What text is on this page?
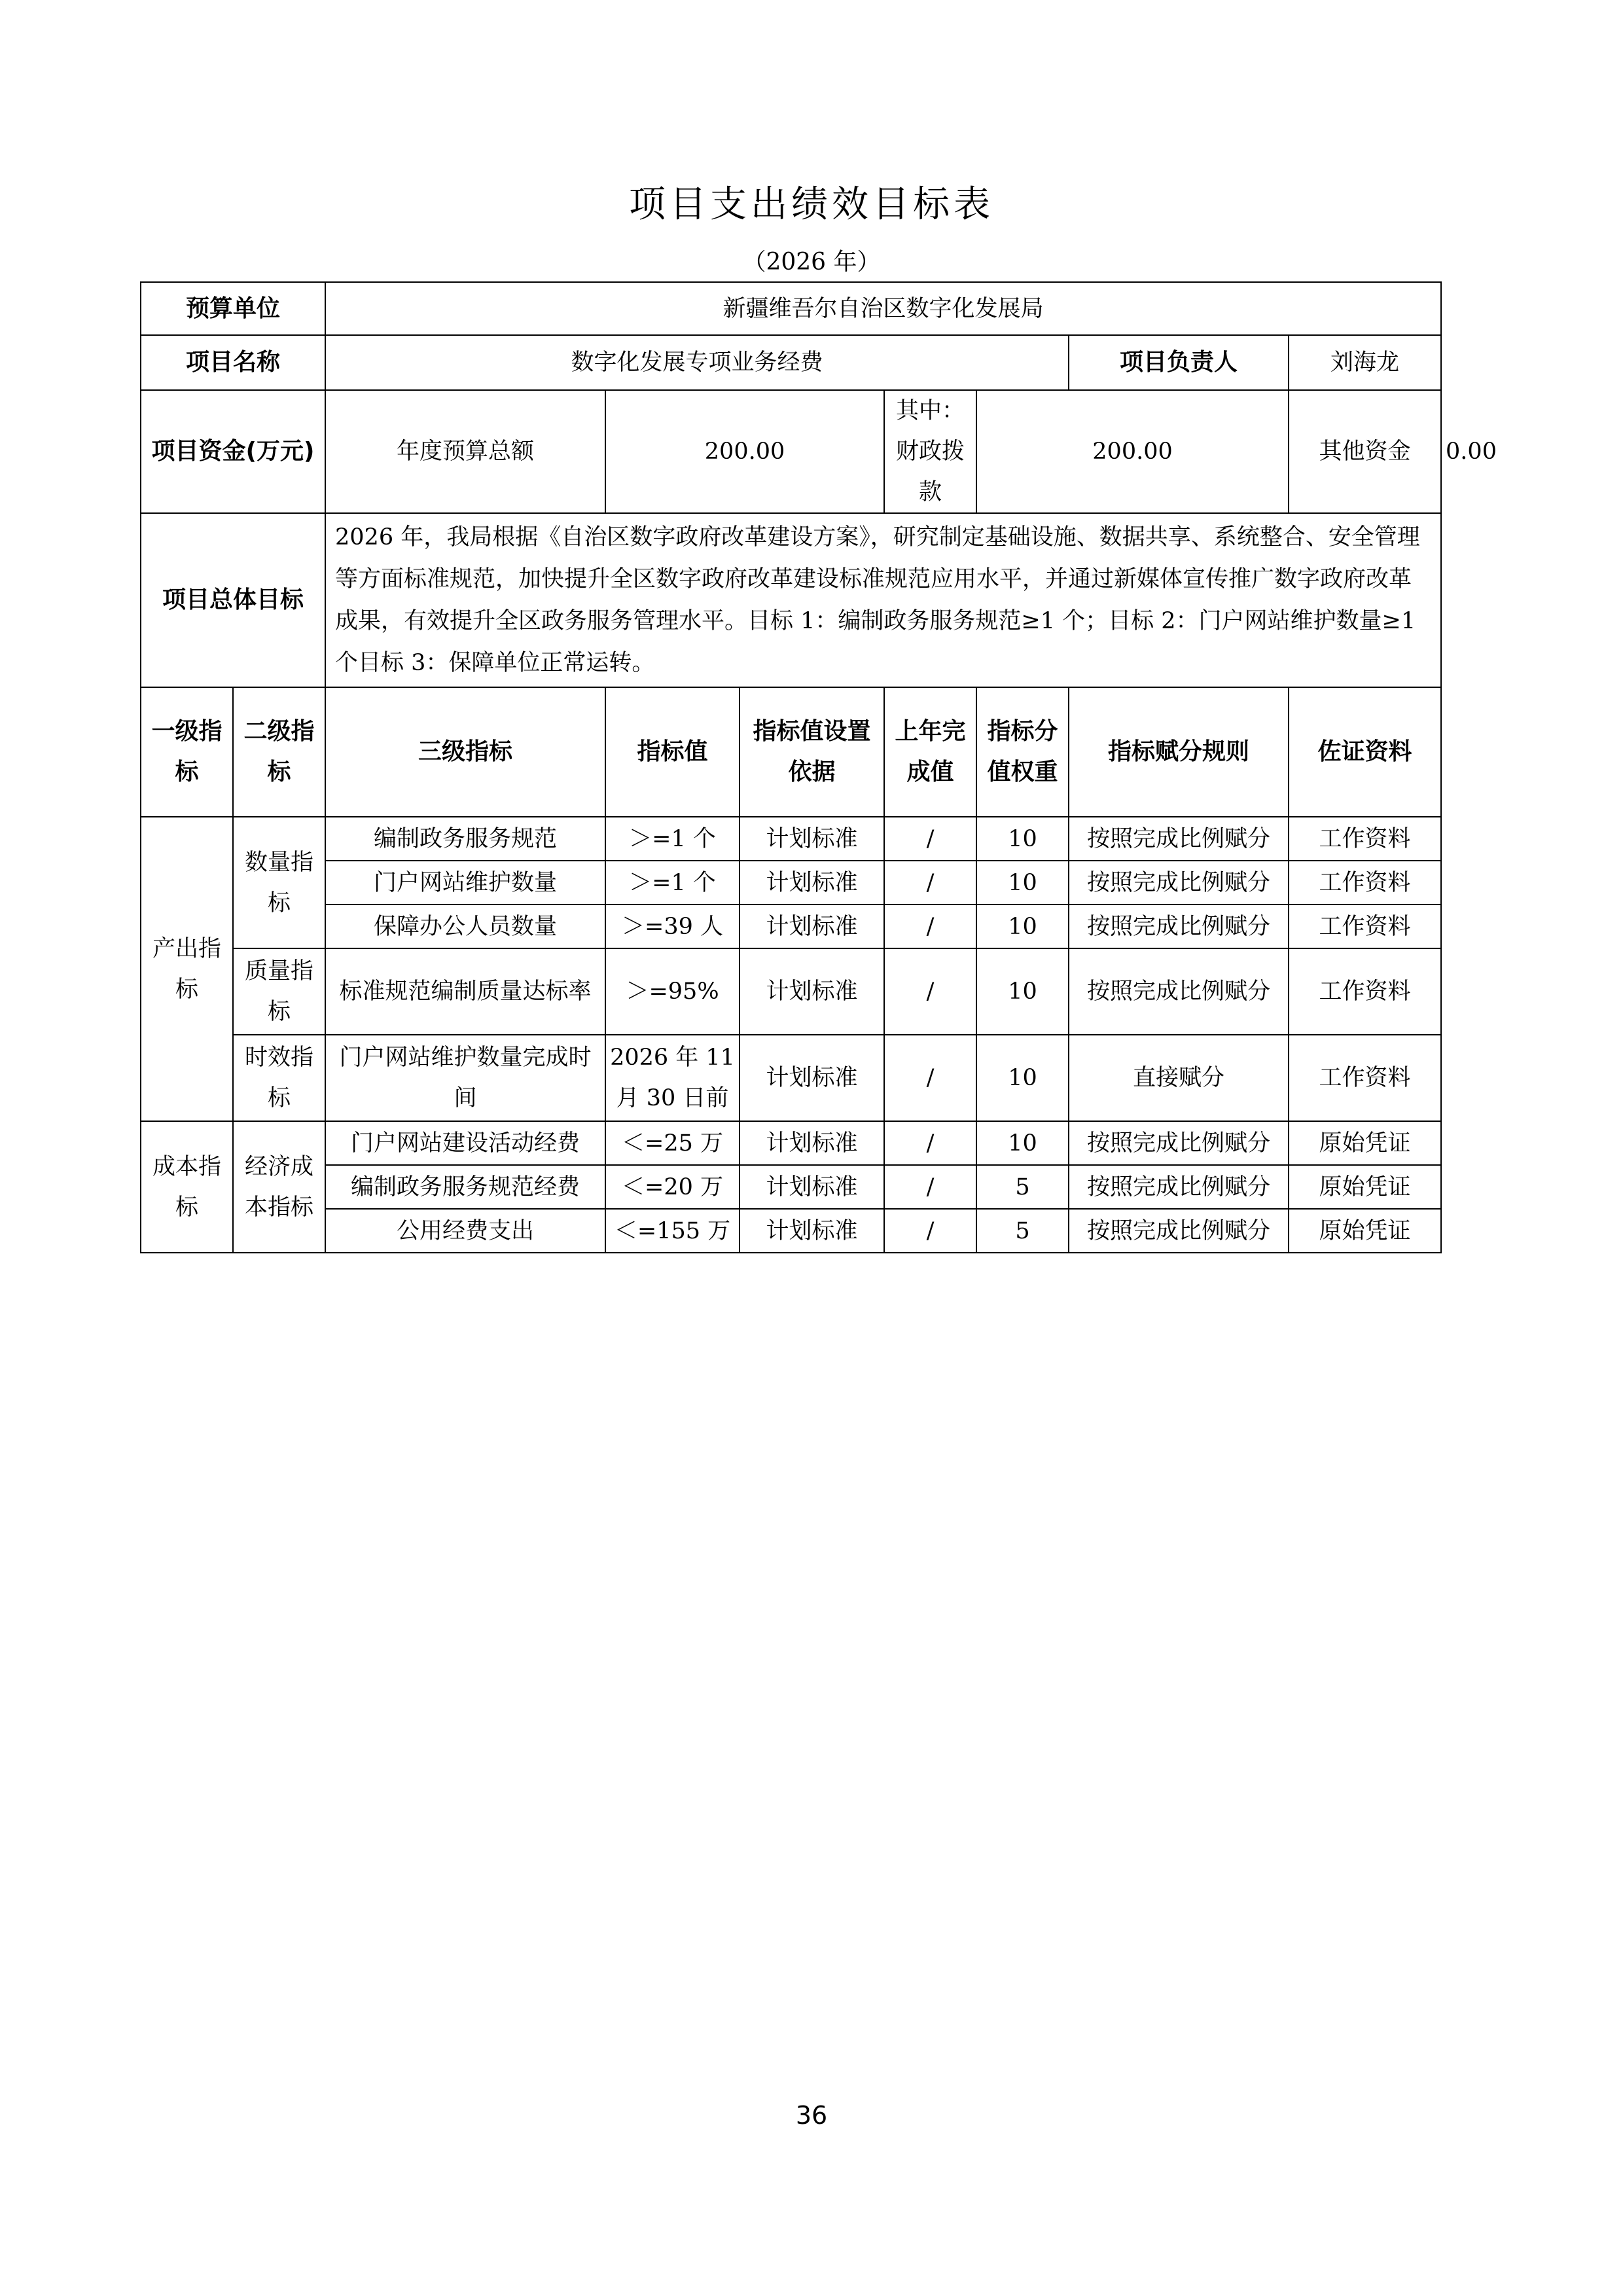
项目支出绩效目标表
（2026 年）
预算单位		新疆维吾尔自治区数字化发展局							
项目名称		数字化发展专项业务经费					项目负责人	刘海龙	
项目资金(万元)		年度预算总额	200.00		其中：财政拨款	200.00		其他资金	0.00
项目总体目标		2026 年，我局根据《自治区数字政府改革建设方案》，研究制定基础设施、数据共享、系统整合、安全管理等方面标准规范，加快提升全区数字政府改革建设标准规范应用水平，并通过新媒体宣传推广数字政府改革成果，有效提升全区政务服务管理水平。目标 1：编制政务服务规范≥1 个；目标 2：门户网站维护数量≥1 个目标 3：保障单位正常运转。							
一级指标	二级指标	三级指标	指标值	指标值设置依据	上年完成值	指标分值权重	指标赋分规则	佐证资料	
产出指标	数量指标	编制政务服务规范	＞=1 个	计划标准	/	10	按照完成比例赋分	工作资料	
		门户网站维护数量	＞=1 个	计划标准	/	10	按照完成比例赋分	工作资料	
		保障办公人员数量	＞=39 人	计划标准	/	10	按照完成比例赋分	工作资料	
	质量指标	标准规范编制质量达标率	＞=95%	计划标准	/	10	按照完成比例赋分	工作资料	
	时效指标	门户网站维护数量完成时间	2026 年 11 月 30 日前	计划标准	/	10	直接赋分	工作资料	
成本指标	经济成本指标	门户网站建设活动经费	＜=25 万	计划标准	/	10	按照完成比例赋分	原始凭证	
		编制政务服务规范经费	＜=20 万	计划标准	/	5	按照完成比例赋分	原始凭证	
		公用经费支出	＜=155 万	计划标准	/	5	按照完成比例赋分	原始凭证	
36
